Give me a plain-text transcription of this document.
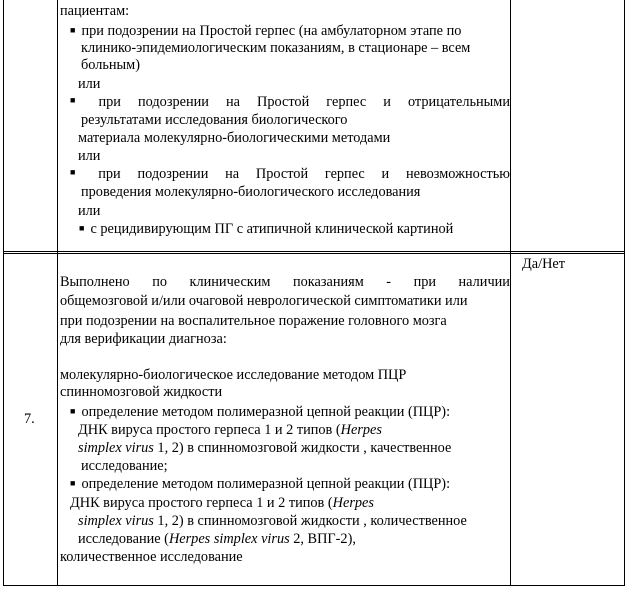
пациентам:
■ при подозрении на Простой герпес (на амбулаторном этапе по
клинико-эпидемиологическим показаниям, в стационаре – всем
больным)
или
■ при подозрении на Простой герпес и отрицательными
результатами исследования биологического
материала молекулярно-биологическими методами
или
■ при подозрении на Простой герпес и невозможностью
проведения молекулярно-биологического исследования
или
■ с рецидивирующим ПГ с атипичной клинической картиной
7.
Да/Нет
Выполнено по клиническим показаниям - при наличии
общемозговой и/или очаговой неврологической симптоматики или
при подозрении на воспалительное поражение головного мозга
для верификации диагноза:
молекулярно-биологическое исследование методом ПЦР
спинномозговой жидкости
■ определение методом полимеразной цепной реакции (ПЦР):
ДНК вируса простого герпеса 1 и 2 типов (Herpes
simplex virus 1, 2) в спинномозговой жидкости , качественное
исследование;
■ определение методом полимеразной цепной реакции (ПЦР):
ДНК вируса простого герпеса 1 и 2 типов (Herpes
simplex virus 1, 2) в спинномозговой жидкости , количественное
исследование (Herpes simplex virus 2, ВПГ-2),
количественное исследование
